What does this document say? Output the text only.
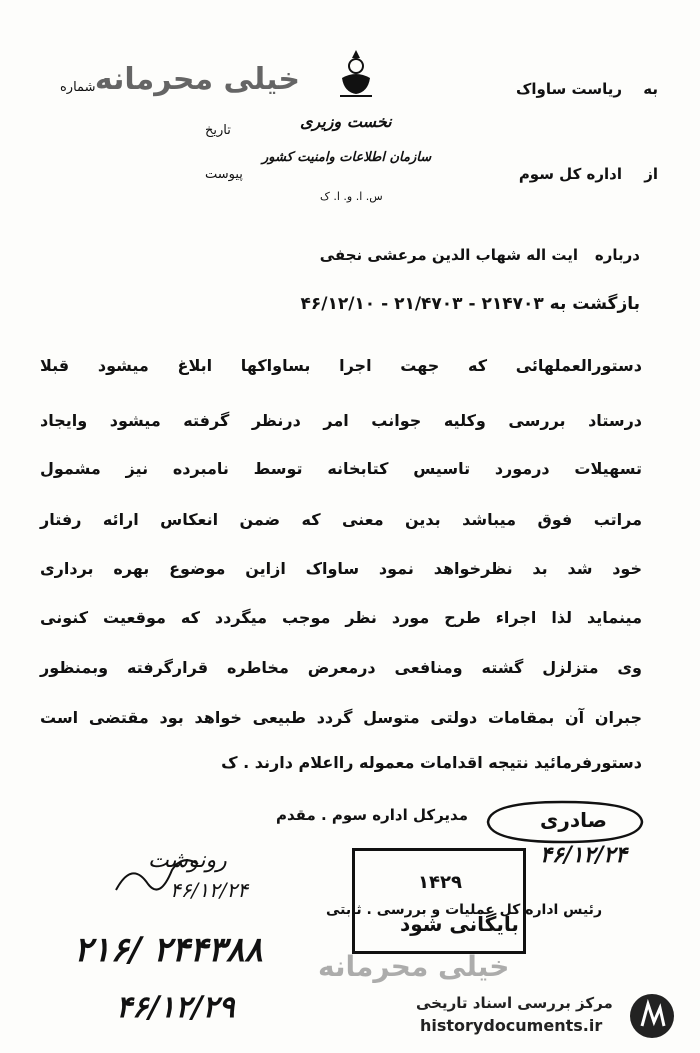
به
ریاست ساواک
خیلی محرمانه
شماره
تاریخ
پیوست
نخست وزیری
سازمان اطلاعات وامنیت کشور
س. ا. و. ا. ک
از
اداره کل سوم
درباره
ایت اله شهاب الدین مرعشی نجفی
بازگشت به ۲۱۴۷۰۳ - ۲۱/۴۷۰۳ - ۴۶/۱۲/۱۰
دستورالعملهائی که جهت اجرا بساواکها ابلاغ میشود قبلا
درستاد بررسی وکلیه جوانب امر درنظر گرفته میشود وایجاد
تسهیلات درمورد تاسیس کتابخانه توسط نامبرده نیز مشمول
مراتب فوق میباشد بدین معنی که ضمن انعکاس ارائه رفتار
خود شد بد نظرخواهد نمود ساواک ازاین موضوع بهره برداری
مینماید لذا اجراء طرح مورد نظر موجب میگردد که موقعیت کنونی
وی متزلزل گشته ومنافعی درمعرض مخاطره قرارگرفته وبمنظور
جبران آن بمقامات دولتی متوسل گردد طبیعی خواهد بود مقتضی است
دستورفرمائید نتیجه اقدامات معموله رااعلام دارند . ک
مدیرکل اداره سوم . مقدم	صادری
۴۶/۱۲/۲۴
رونوشت
۴۶/۱۲/۲۴	۱۴۲۹
بایگانی شود
رئیس اداره کل عملیات و بررسی . ثابتی
۲۴۴۳۸۸ /۲۱۶
۴۶/۱۲/۲۹
خیلی محرمانه
مرکز بررسی اسناد تاریخی
historydocuments.ir
